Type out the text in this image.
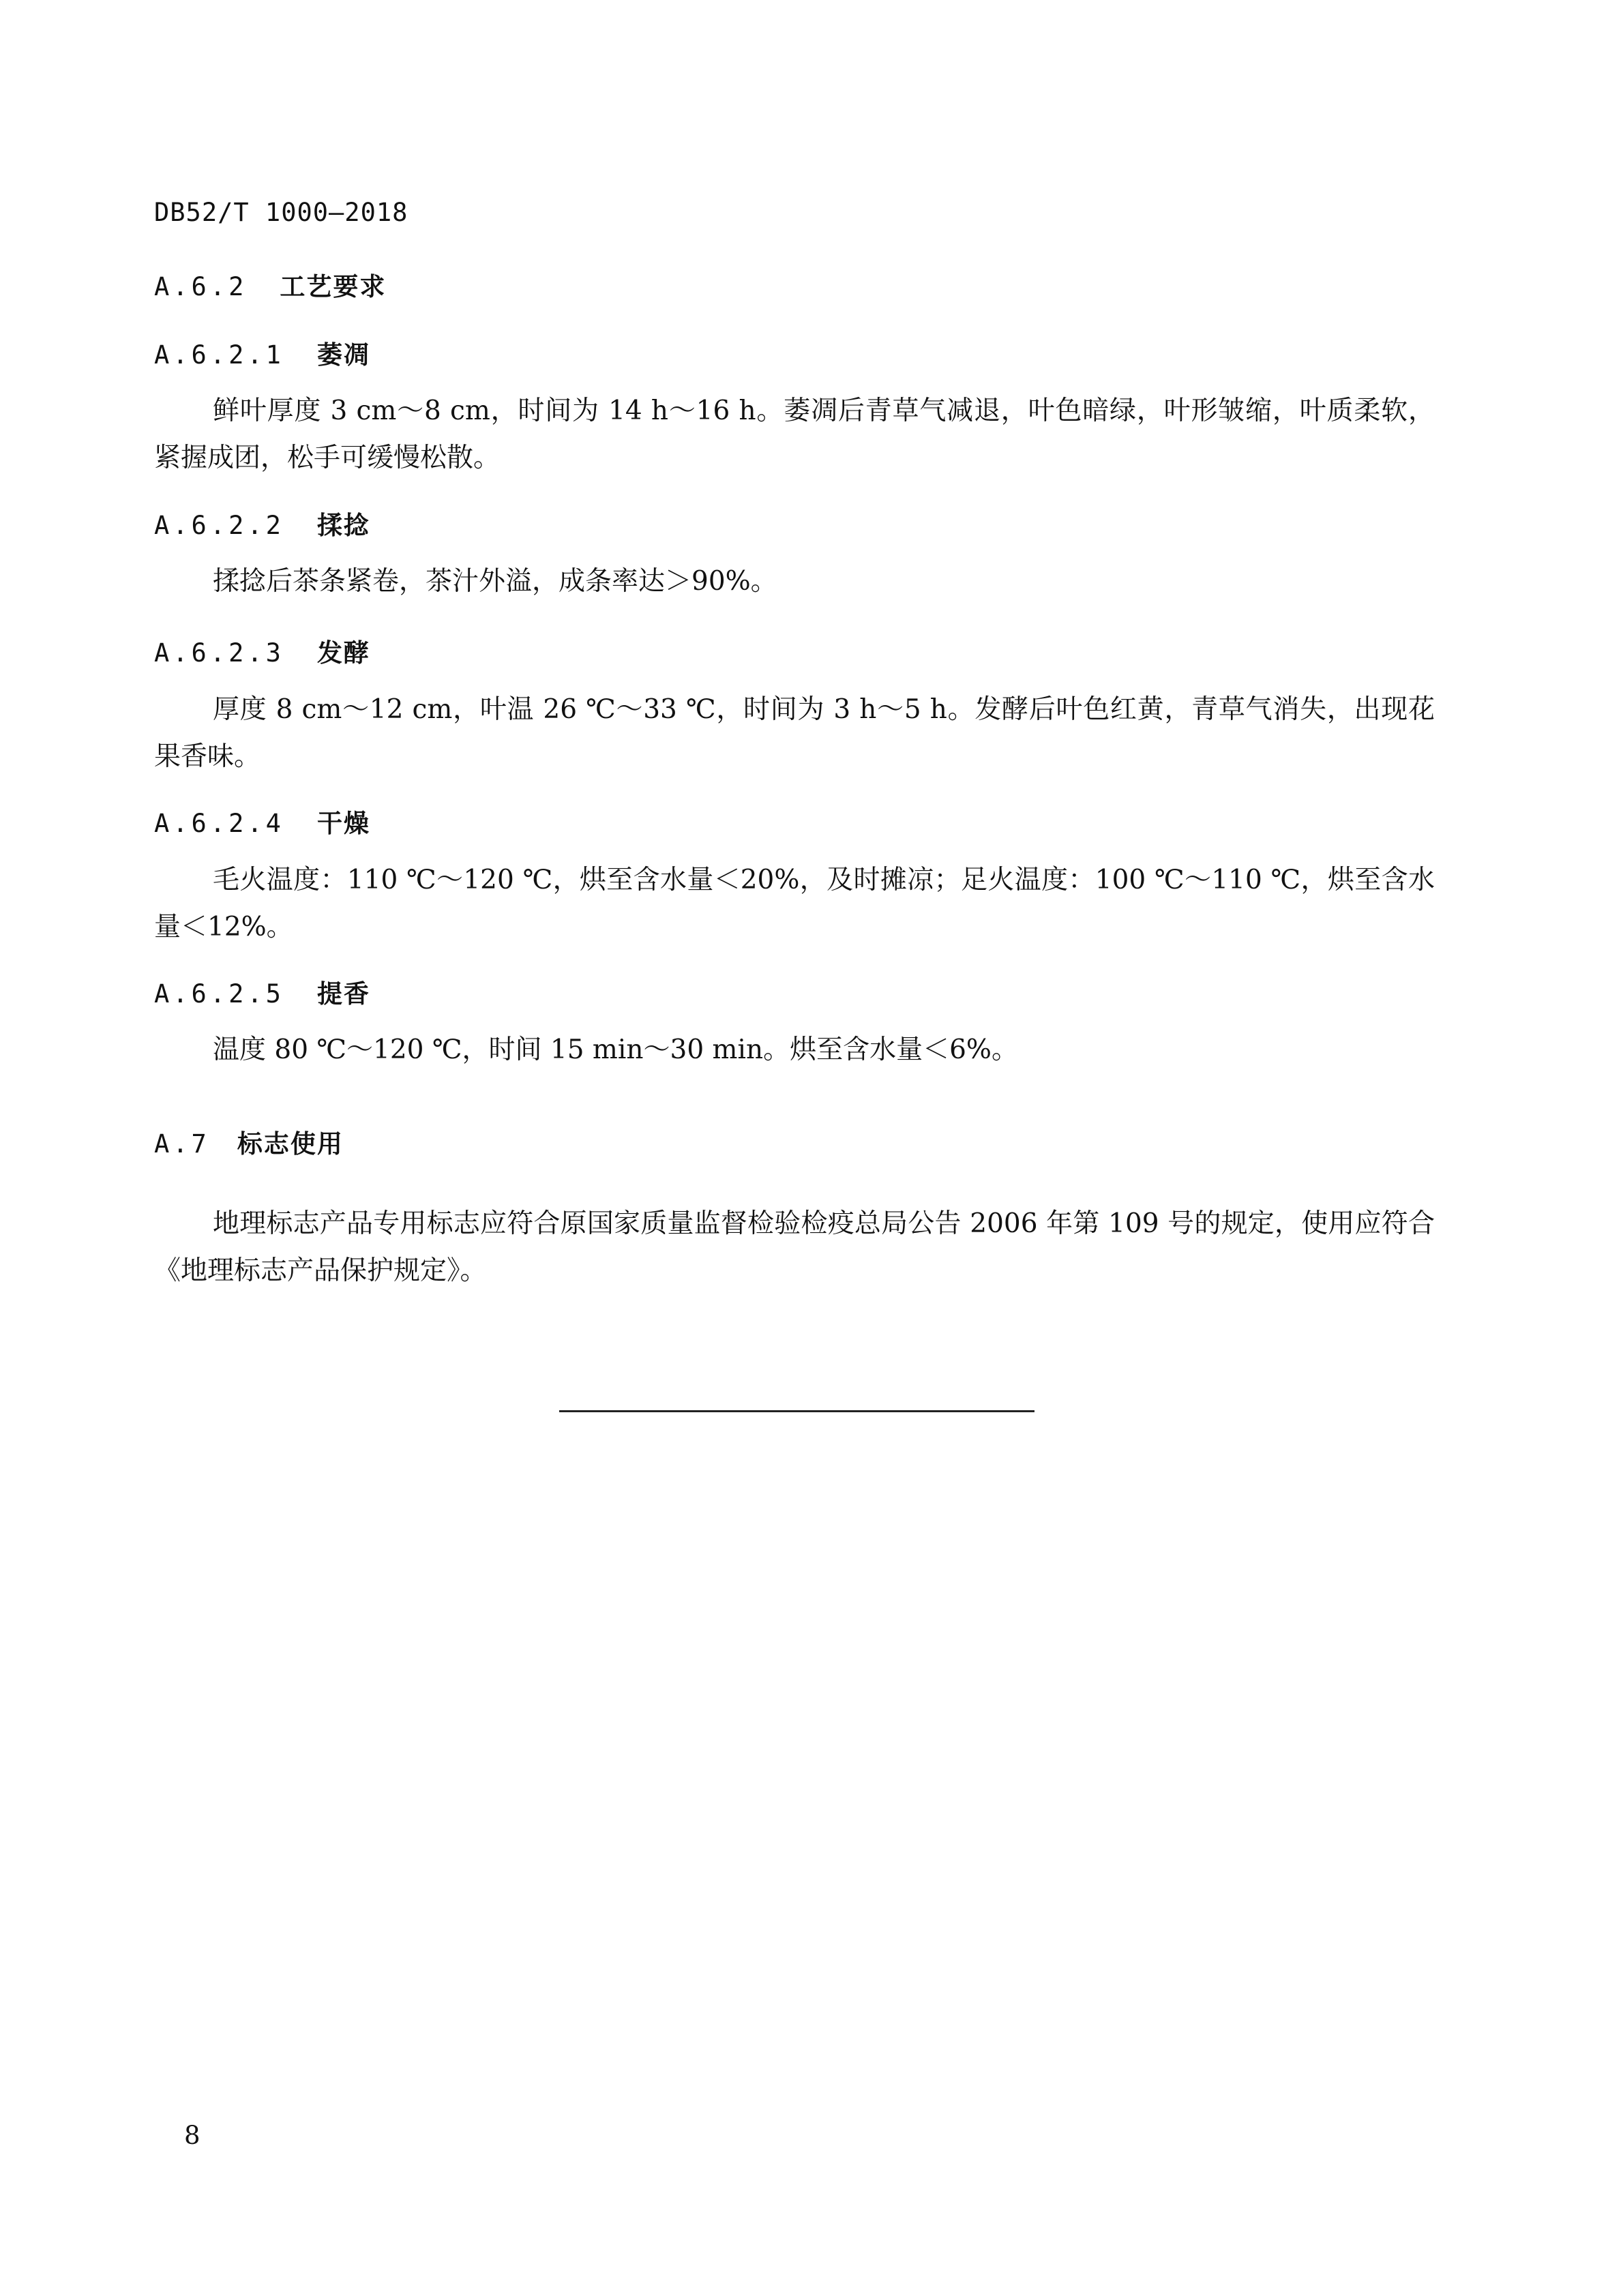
DB52/T 1000—2018
A.6.2 工艺要求
A.6.2.1 萎凋

鲜叶厚度 3 cm～8 cm，时间为 14 h～16 h。萎凋后青草气减退，叶色暗绿，叶形皱缩，叶质柔软，紧握成团，松手可缓慢松散。

A.6.2.2 揉捻

揉捻后茶条紧卷，茶汁外溢，成条率达＞90%。

A.6.2.3 发酵

厚度 8 cm～12 cm，叶温 26 ℃～33 ℃，时间为 3 h～5 h。发酵后叶色红黄，青草气消失，出现花果香味。

A.6.2.4 干燥

毛火温度：110 ℃～120 ℃，烘至含水量＜20%，及时摊凉；足火温度：100 ℃～110 ℃，烘至含水量＜12%。

A.6.2.5 提香

温度 80 ℃～120 ℃，时间 15 min～30 min。烘至含水量＜6%。

A.7 标志使用

地理标志产品专用标志应符合原国家质量监督检验检疫总局公告 2006 年第 109 号的规定，使用应符合《地理标志产品保护规定》。

8
